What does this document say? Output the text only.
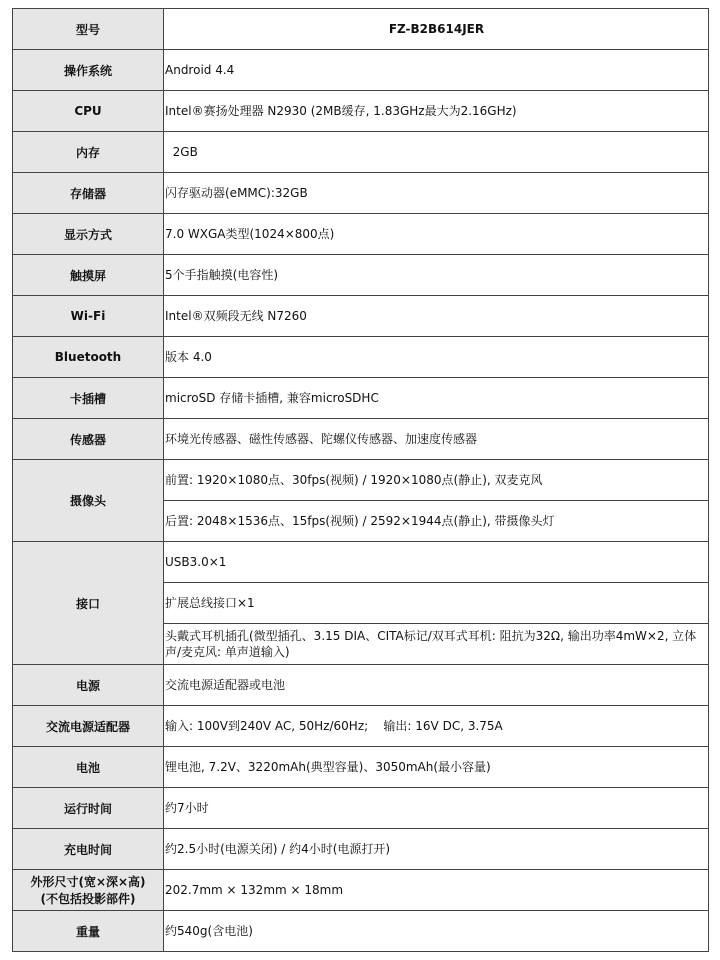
型号	FZ-B2B614JER
操作系统	Android 4.4
CPU	Intel®赛扬处理器 N2930 (2MB缓存, 1.83GHz最大为2.16GHz)
内存	2GB
存储器	闪存驱动器(eMMC):32GB
显示方式	7.0 WXGA类型(1024×800点)
触摸屏	5个手指触摸(电容性)
Wi-Fi	Intel®双频段无线 N7260
Bluetooth	版本 4.0
卡插槽	microSD 存储卡插槽, 兼容microSDHC
传感器	环境光传感器、磁性传感器、陀螺仪传感器、加速度传感器
摄像头	前置: 1920×1080点、30fps(视频) / 1920×1080点(静止), 双麦克风
	后置: 2048×1536点、15fps(视频) / 2592×1944点(静止), 带摄像头灯
接口	USB3.0×1
	扩展总线接口×1
	头戴式耳机插孔(微型插孔、3.15 DIA、CITA标记/双耳式耳机: 阻抗为32Ω, 输出功率4mW×2, 立体声/麦克风: 单声道输入)
电源	交流电源适配器或电池
交流电源适配器	输入: 100V到240V AC, 50Hz/60Hz;    输出: 16V DC, 3.75A
电池	锂电池, 7.2V、3220mAh(典型容量)、3050mAh(最小容量)
运行时间	约7小时
充电时间	约2.5小时(电源关闭) / 约4小时(电源打开)

外形尺寸(宽×深×高)
(不包括投影部件)	202.7mm × 132mm × 18mm
重量	约540g(含电池)
